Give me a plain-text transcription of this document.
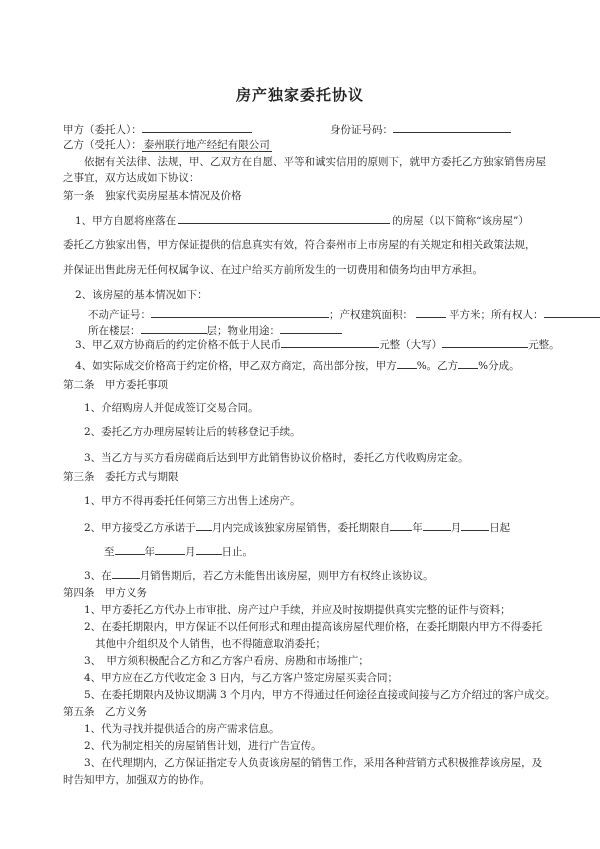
房产独家委托协议
甲方（委托人）：	身份证号码：
乙方（受托人）： 泰州联行地产经纪有限公司
依据有关法律、法规，甲、乙双方在自愿、平等和诚实信用的原则下，就甲方委托乙方独家销售房屋
之事宜，双方达成如下协议：
第一条　独家代卖房屋基本情况及价格
1、甲方自愿将座落在	的房屋（以下简称“该房屋”）
委托乙方独家出售，甲方保证提供的信息真实有效，符合泰州市上市房屋的有关规定和相关政策法规，
并保证出售此房无任何权属争议、在过户给买方前所发生的一切费用和债务均由甲方承担。
2、该房屋的基本情况如下：
不动产证号：	；产权建筑面积：	平方米；所有权人：
所在楼层：	层；物业用途：
3、甲乙双方协商后的约定价格不低于人民币	元整（大写）	元整。
4、如实际成交价格高于约定价格，甲乙双方商定，高出部分按，甲方 %。乙方 %分成。
第二条　甲方委托事项
1、介绍购房人并促成签订交易合同。
2、委托乙方办理房屋转让后的转移登记手续。
3、当乙方与买方看房磋商后达到甲方此销售协议价格时，委托乙方代收购房定金。
第三条　委托方式与期限
1、甲方不得再委托任何第三方出售上述房产。
2、甲方接受乙方承诺于 月内完成该独家房屋销售，委托期限自 年	月	日起
至	年	月 日止。
3、在	月销售期后，若乙方未能售出该房屋，则甲方有权终止该协议。
第四条　甲方义务
1、甲方委托乙方代办上市审批、房产过户手续，并应及时按期提供真实完整的证件与资料；
2、在委托期限内，甲方保证不以任何形式和理由提高该房屋代理价格，在委托期限内甲方不得委托
其他中介组织及个人销售，也不得随意取消委托；
3、　甲方须积极配合乙方和乙方客户看房、房勘和市场推广；
4、甲方应在乙方代收定金 3 日内，与乙方客户签定房屋买卖合同；
5、在委托期限内及协议期满 3 个月内，甲方不得通过任何途径直接或间接与乙方介绍过的客户成交。
第五条　乙方义务
1、代为寻找并提供适合的房产需求信息。
2、代为制定相关的房屋销售计划，进行广告宣传。
3、在代理期内，乙方保证指定专人负责该房屋的销售工作，采用各种营销方式积极推荐该房屋，及
时告知甲方，加强双方的协作。
